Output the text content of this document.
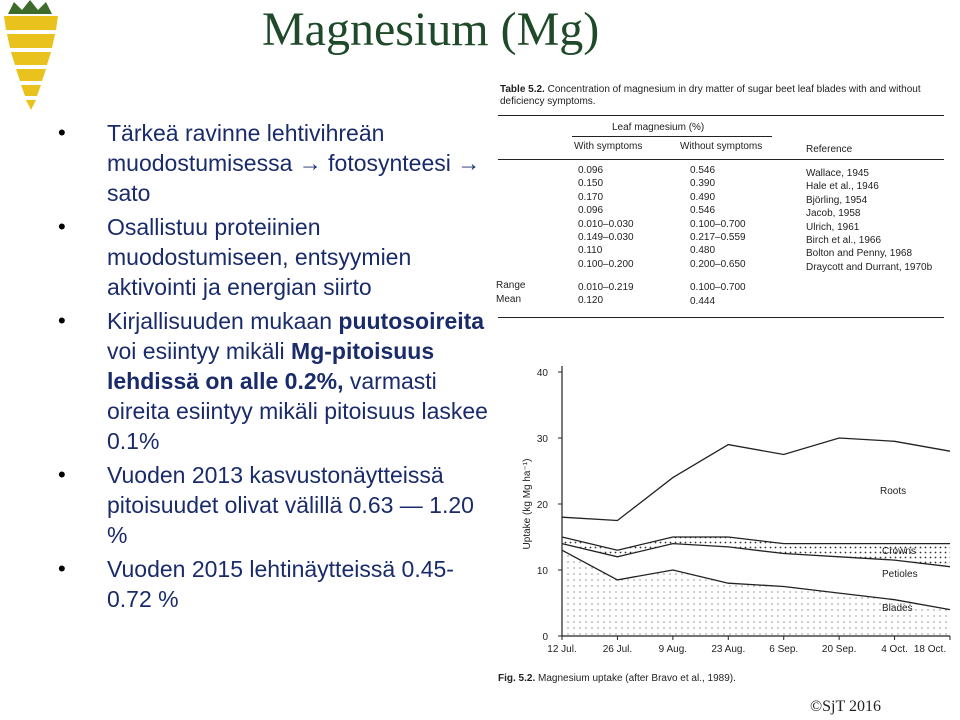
Magnesium (Mg)
• Tärkeä ravinne lehtivihreän muodostumisessa → fotosynteesi → sato
• Osallistuu proteiinien muodostumiseen, entsyymien aktivointi ja energian siirto
• Kirjallisuuden mukaan puutosoireita voi esiintyy mikäli Mg-pitoisuus lehdissä on alle 0.2%, varmasti oireita esiintyy mikäli pitoisuus laskee 0.1%
• Vuoden 2013 kasvustonäytteissä pitoisuudet olivat välillä 0.63 — 1.20 %
• Vuoden 2015 lehtinäytteissä 0.45-0.72 %
Table 5.2. Concentration of magnesium in dry matter of sugar beet leaf blades with and without deficiency symptoms.
Leaf magnesium (%)
With symptoms	Without symptoms	Reference
0.096	0.546	Wallace, 1945
0.150	0.390	Hale et al., 1946
0.170	0.490	Björling, 1954
0.096	0.546	Jacob, 1958
0.010–0.030	0.100–0.700	Ulrich, 1961
0.149–0.030	0.217–0.559	Birch et al., 1966
0.110	0.480	Bolton and Penny, 1968
0.100–0.200	0.200–0.650	Draycott and Durrant, 1970b
Range	0.010–0.219	0.100–0.700
Mean	0.120	0.444
Blades
Petioles
Crowns
Roots
0
10
20
30
40
12 Jul.	26 Jul.	9 Aug. 23 Aug. 6 Sep. 20 Sep. 4 Oct. 18 Oct.
Uptake (kg Mg ha⁻¹)
Fig. 5.2. Magnesium uptake (after Bravo et al., 1989).
©SjT 2016
